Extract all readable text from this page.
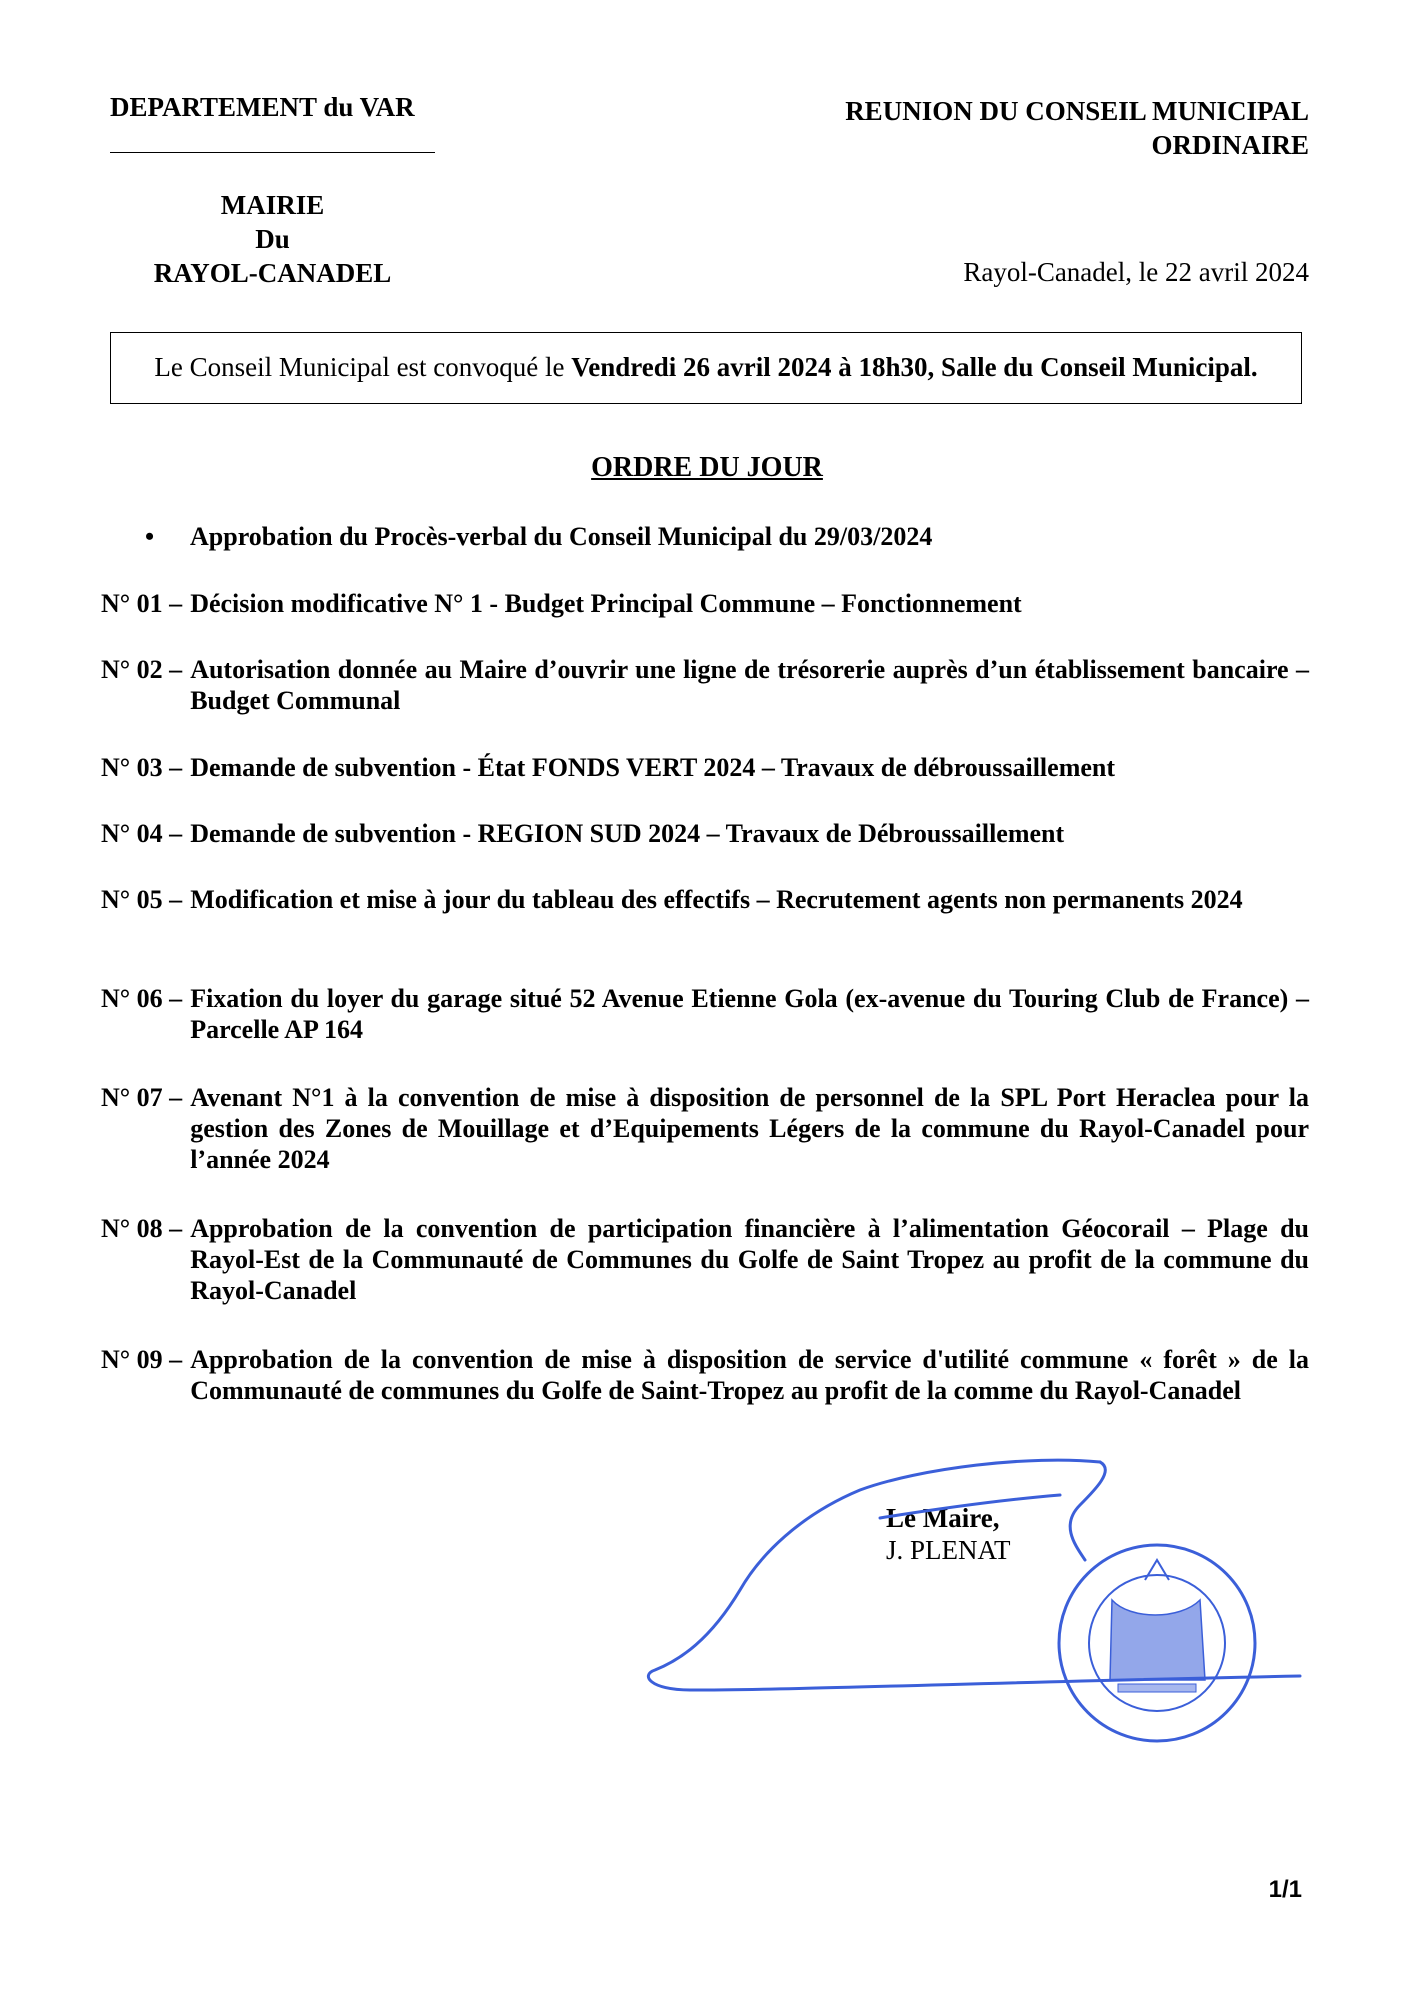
DEPARTEMENT du VAR
MAIRIE
Du
RAYOL-CANADEL
REUNION DU CONSEIL MUNICIPAL
ORDINAIRE
Rayol-Canadel, le 22 avril 2024
Le Conseil Municipal est convoqué le Vendredi 26 avril 2024 à 18h30, Salle du Conseil Municipal.
ORDRE DU JOUR
• Approbation du Procès-verbal du Conseil Municipal du 29/03/2024
N° 01 – Décision modificative N° 1 - Budget Principal Commune – Fonctionnement
N° 02 – Autorisation donnée au Maire d’ouvrir une ligne de trésorerie auprès d’un établissement bancaire – Budget Communal
N° 03 – Demande de subvention - État FONDS VERT 2024 – Travaux de débroussaillement
N° 04 – Demande de subvention - REGION SUD 2024 – Travaux de Débroussaillement
N° 05 – Modification et mise à jour du tableau des effectifs – Recrutement agents non permanents 2024
N° 06 – Fixation du loyer du garage situé 52 Avenue Etienne Gola (ex-avenue du Touring Club de France) – Parcelle AP 164
N° 07 – Avenant N°1 à la convention de mise à disposition de personnel de la SPL Port Heraclea pour la gestion des Zones de Mouillage et d’Equipements Légers de la commune du Rayol-Canadel pour l’année 2024
N° 08 – Approbation de la convention de participation financière à l’alimentation Géocorail – Plage du Rayol-Est de la Communauté de Communes du Golfe de Saint Tropez au profit de la commune du Rayol-Canadel
N° 09 – Approbation de la convention de mise à disposition de service d'utilité commune « forêt » de la Communauté de communes du Golfe de Saint-Tropez au profit de la comme du Rayol-Canadel
Le Maire,
J. PLENAT
1/1
